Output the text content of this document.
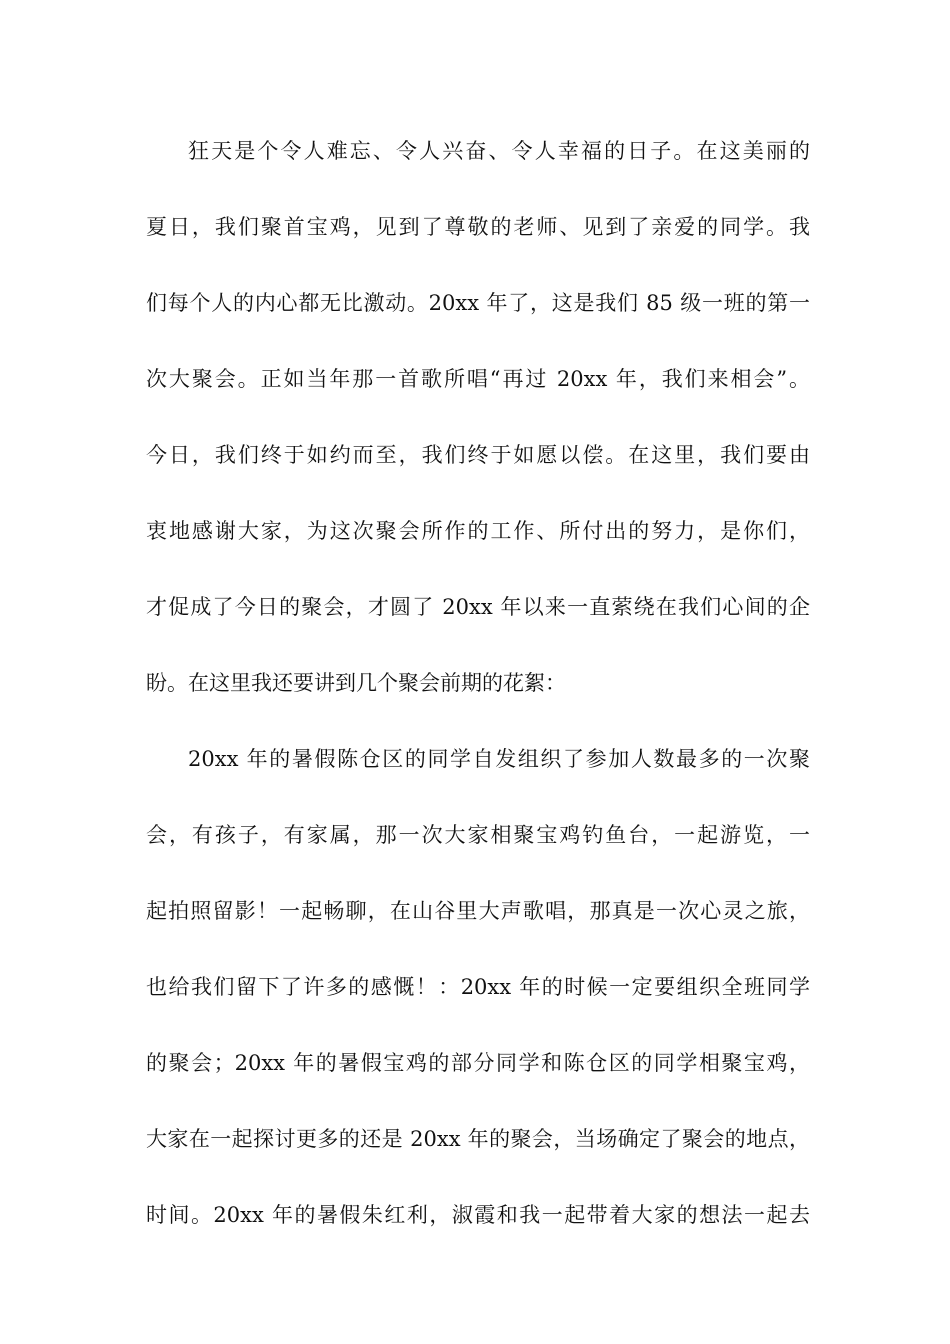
狂天是个令人难忘、令人兴奋、令人幸福的日子。在这美丽的
夏日，我们聚首宝鸡，见到了尊敬的老师、见到了亲爱的同学。我
们每个人的内心都无比激动。20xx 年了，这是我们 85 级一班的第一
次大聚会。正如当年那一首歌所唱“再过 20xx 年，我们来相会”。
今日，我们终于如约而至，我们终于如愿以偿。在这里，我们要由
衷地感谢大家，为这次聚会所作的工作、所付出的努力，是你们，
才促成了今日的聚会，才圆了 20xx 年以来一直萦绕在我们心间的企
盼。在这里我还要讲到几个聚会前期的花絮：
20xx 年的暑假陈仓区的同学自发组织了参加人数最多的一次聚
会，有孩子，有家属，那一次大家相聚宝鸡钓鱼台，一起游览，一
起拍照留影！一起畅聊，在山谷里大声歌唱，那真是一次心灵之旅，
也给我们留下了许多的感慨！：20xx 年的时候一定要组织全班同学
的聚会；20xx 年的暑假宝鸡的部分同学和陈仓区的同学相聚宝鸡，
大家在一起探讨更多的还是 20xx 年的聚会，当场确定了聚会的地点，
时间。20xx 年的暑假朱红利，淑霞和我一起带着大家的想法一起去
